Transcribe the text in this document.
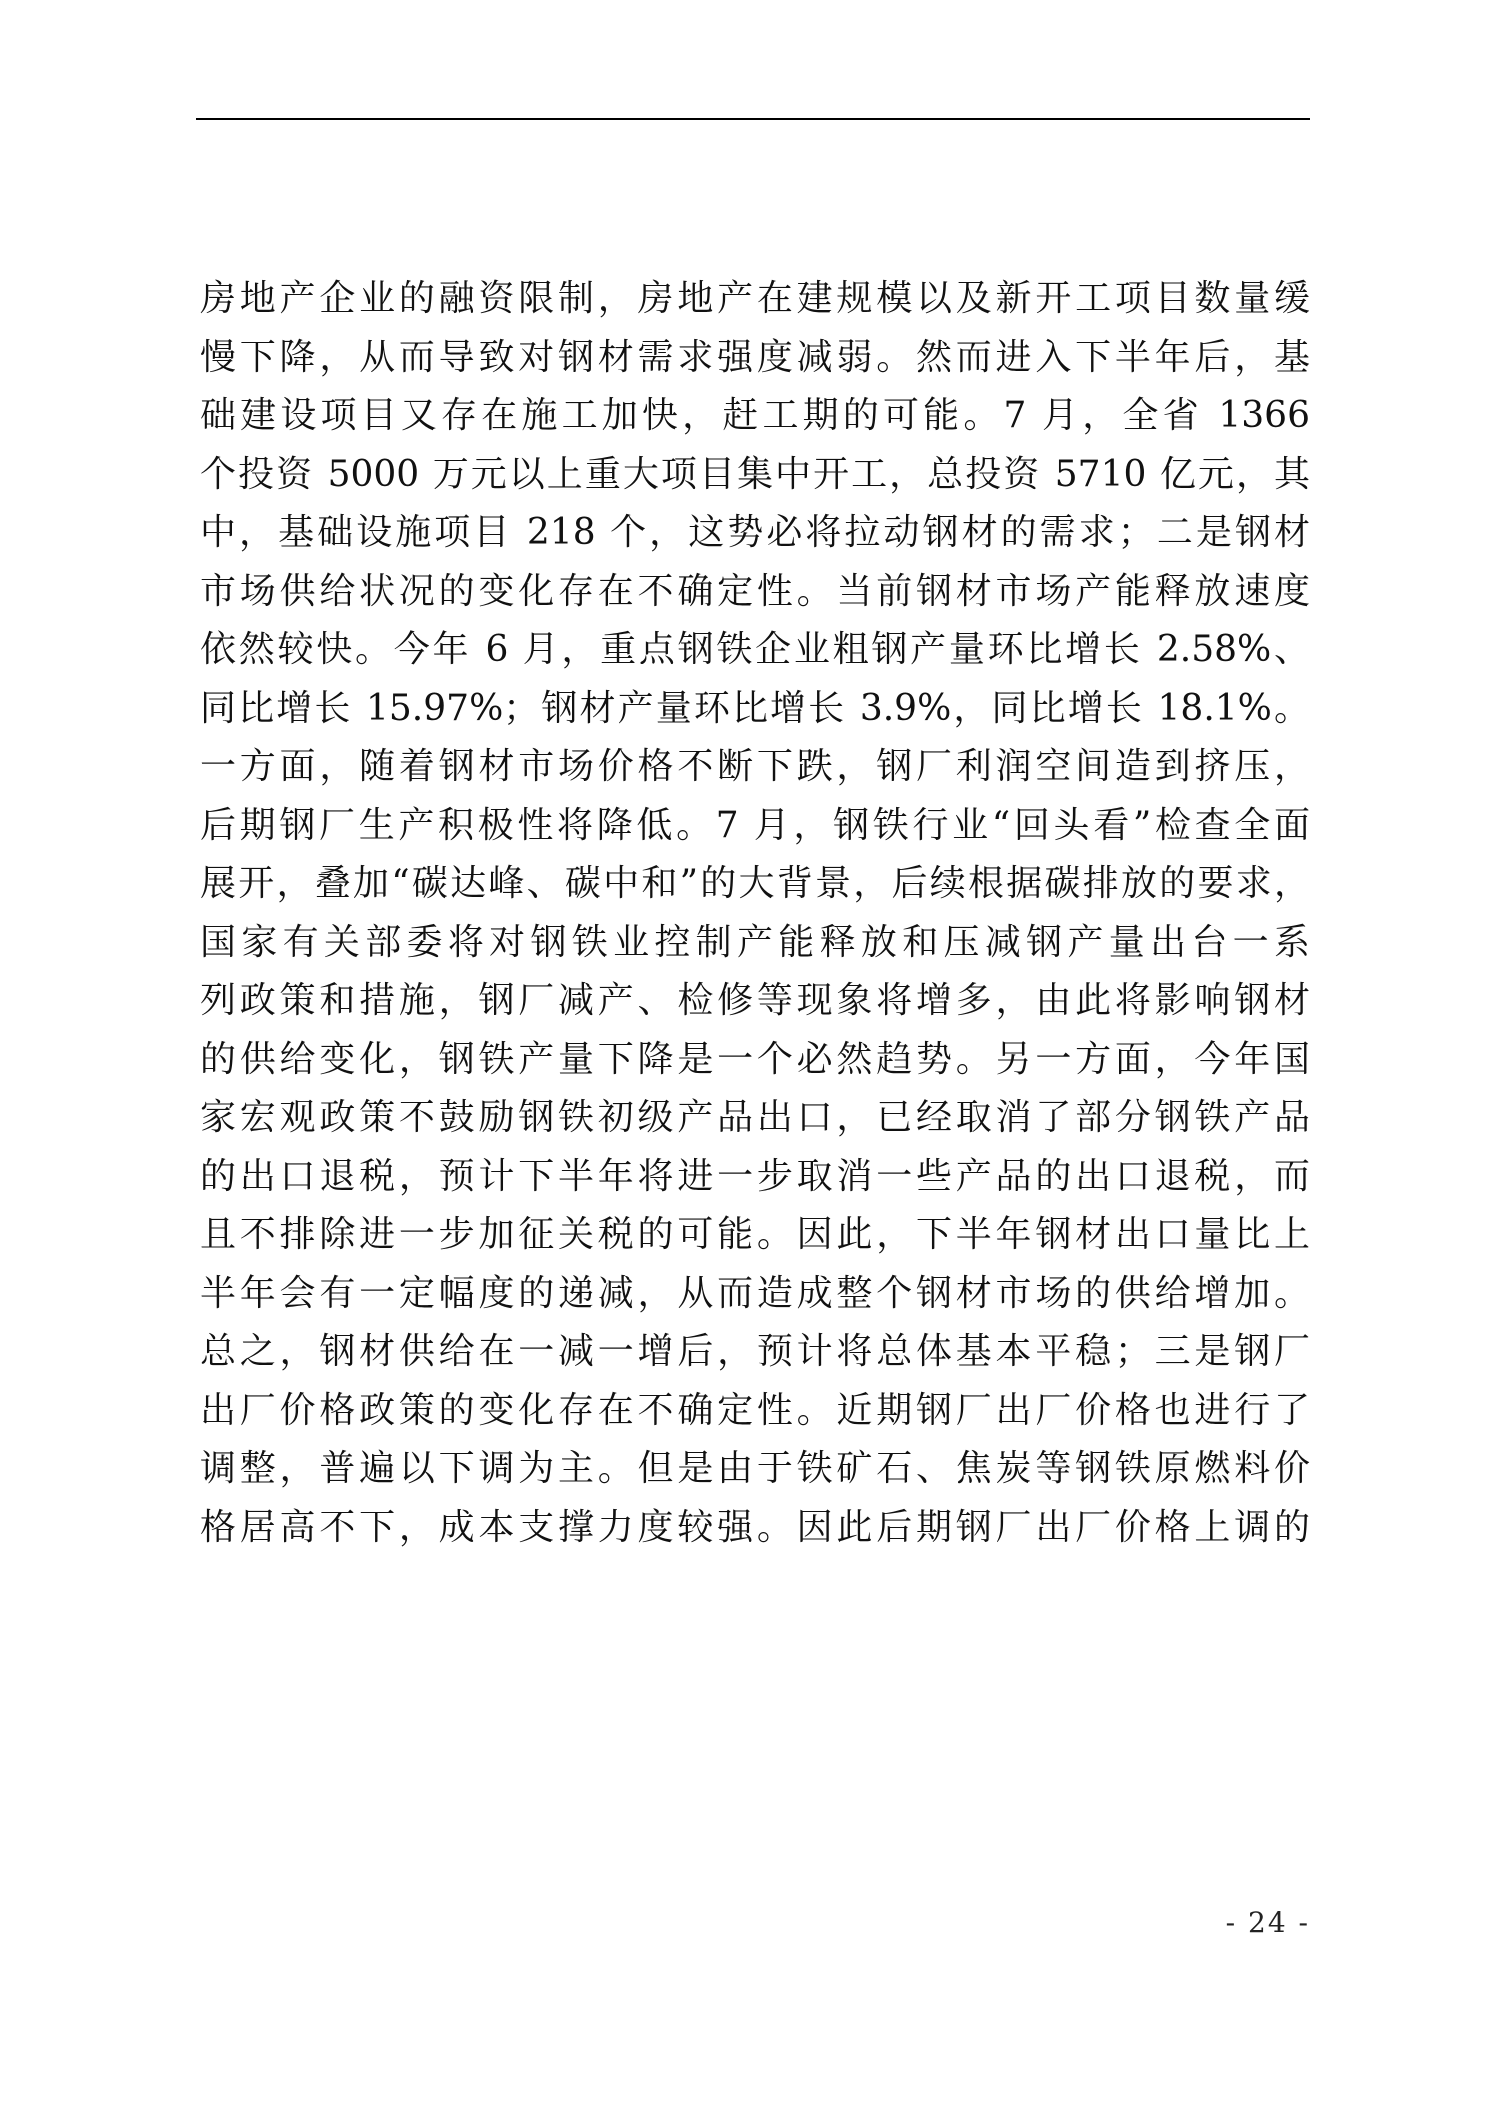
房地产企业的融资限制，房地产在建规模以及新开工项目数量缓
慢下降，从而导致对钢材需求强度减弱。然而进入下半年后，基
础建设项目又存在施工加快，赶工期的可能。7 月，全省 1366
个投资 5000 万元以上重大项目集中开工，总投资 5710 亿元，其
中，基础设施项目 218 个，这势必将拉动钢材的需求；二是钢材
市场供给状况的变化存在不确定性。当前钢材市场产能释放速度
依然较快。今年 6 月，重点钢铁企业粗钢产量环比增长 2.58%、
同比增长 15.97%；钢材产量环比增长 3.9%，同比增长 18.1%。
一方面，随着钢材市场价格不断下跌，钢厂利润空间造到挤压，
后期钢厂生产积极性将降低。7 月，钢铁行业“回头看”检查全面
展开，叠加“碳达峰、碳中和”的大背景，后续根据碳排放的要求，
国家有关部委将对钢铁业控制产能释放和压减钢产量出台一系
列政策和措施，钢厂减产、检修等现象将增多，由此将影响钢材
的供给变化，钢铁产量下降是一个必然趋势。另一方面，今年国
家宏观政策不鼓励钢铁初级产品出口，已经取消了部分钢铁产品
的出口退税，预计下半年将进一步取消一些产品的出口退税，而
且不排除进一步加征关税的可能。因此，下半年钢材出口量比上
半年会有一定幅度的递减，从而造成整个钢材市场的供给增加。
总之，钢材供给在一减一增后，预计将总体基本平稳；三是钢厂
出厂价格政策的变化存在不确定性。近期钢厂出厂价格也进行了
调整，普遍以下调为主。但是由于铁矿石、焦炭等钢铁原燃料价
格居高不下，成本支撑力度较强。因此后期钢厂出厂价格上调的
- 24 -
